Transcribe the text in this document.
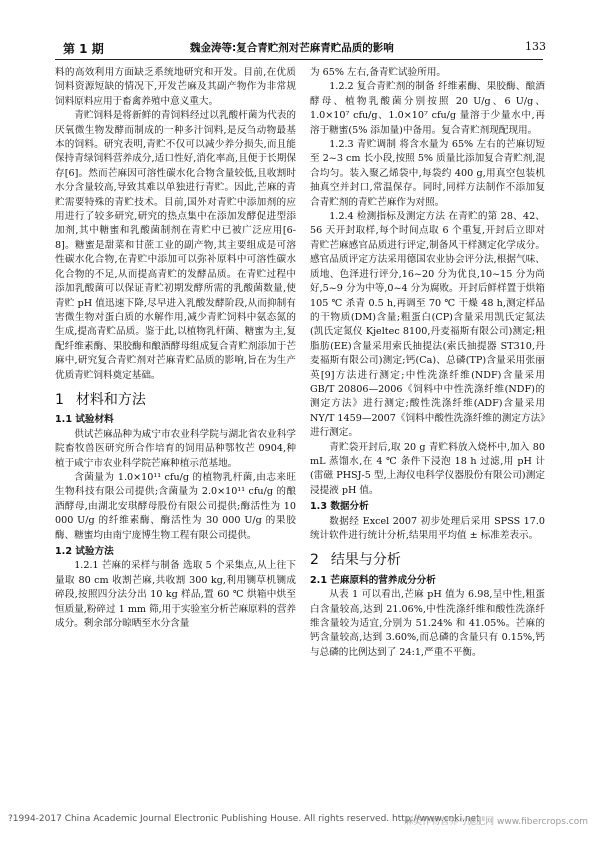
第 1 期	魏金涛等:复合青贮剂对芒麻青贮品质的影响	133

料的高效利用方面缺乏系统地研究和开发。目前,在优质饲料资源短缺的情况下,开发芒麻及其副产物作为非常规饲料原料应用于畜禽养殖中意义重大。

青贮饲料是将新鲜的青饲料经过以乳酸杆菌为代表的厌氧微生物发酵而制成的一种多汁饲料,是反刍动物最基本的饲料。研究表明,青贮不仅可以减少养分损失,而且能保持青绿饲料营养成分,适口性好,消化率高,且便于长期保存[6]。然而芒麻因可溶性碳水化合物含量较低,且收割时水分含量较高,导致其难以单独进行青贮。因此,芒麻的青贮需要特殊的青贮技术。目前,国外对青贮中添加剂的应用进行了较多研究,研究的热点集中在添加发酵促进型添加剂,其中糖蜜和乳酸菌制剂在青贮中已被广泛应用[6-8]。糖蜜是甜菜和甘蔗工业的副产物,其主要组成是可溶性碳水化合物,在青贮中添加可以弥补原料中可溶性碳水化合物的不足,从而提高青贮的发酵品质。在青贮过程中添加乳酸菌可以保证青贮初期发酵所需的乳酸菌数量,使青贮 pH 值迅速下降,尽早进入乳酸发酵阶段,从而抑制有害微生物对蛋白质的水解作用,减少青贮饲料中氨态氮的生成,提高青贮品质。鉴于此,以植物乳杆菌、糖蜜为主,复配纤维素酶、果胶酶和酿酒酵母组成复合青贮剂添加于芒麻中,研究复合青贮剂对芒麻青贮品质的影响,旨在为生产优质青贮饲料奠定基础。

1 材料和方法
1.1 试验材料

供试芒麻品种为咸宁市农业科学院与湖北省农业科学院畜牧兽医研究所合作培育的饲用品种鄂牧芒 0904,种植于咸宁市农业科学院芒麻种植示范基地。

含菌量为 1.0×10¹¹ cfu/g 的植物乳杆菌,由志来旺生物科技有限公司提供;含菌量为 2.0×10¹¹ cfu/g 的酿酒酵母,由湖北安琪酵母股份有限公司提供;酶活性为 10 000 U/g 的纤维素酶、酶活性为 30 000 U/g 的果胶酶、糖蜜均由南宁庞博生物工程有限公司提供。

1.2 试验方法

1.2.1 芒麻的采样与制备 选取 5 个采集点,从上往下量取 80 cm 收割芒麻,共收割 300 kg,利用铡草机铡成碎段,按照四分法分出 10 kg 样品,置 60 ℃ 烘箱中烘至恒质量,粉碎过 1 mm 筛,用于实验室分析芒麻原料的营养成分。剩余部分晾晒至水分含量

为 65% 左右,备青贮试验所用。

1.2.2 复合青贮剂的制备 纤维素酶、果胶酶、酿酒酵母、植物乳酸菌分别按照 20 U/g、6 U/g、1.0×10⁷ cfu/g、1.0×10⁷ cfu/g 量溶于少量水中,再溶于糖蜜(5% 添加量)中备用。复合青贮剂现配现用。

1.2.3 青贮调制 将含水量为 65% 左右的芒麻切短至 2~3 cm 长小段,按照 5% 质量比添加复合青贮剂,混合均匀。装入聚乙烯袋中,每袋约 400 g,用真空包装机抽真空并封口,常温保存。同时,同样方法制作不添加复合青贮剂的青贮芒麻作为对照。

1.2.4 检测指标及测定方法 在青贮的第 28、42、56 天开封取样,每个时间点取 6 个重复,开封后立即对青贮芒麻感官品质进行评定,制备风干样测定化学成分。感官品质评定方法采用德国农业协会评分法,根据气味、质地、色泽进行评分,16~20 分为优良,10~15 分为尚好,5~9 分为中等,0~4 分为腐败。开封后鲜样置于烘箱 105 ℃ 杀青 0.5 h,再调至 70 ℃ 干燥 48 h,测定样品的干物质(DM)含量;粗蛋白(CP)含量采用凯氏定氮法(凯氏定氮仪 Kjeltec 8100,丹麦福斯有限公司)测定;粗脂肪(EE)含量采用索氏抽提法(索氏抽提器 ST310,丹麦福斯有限公司)测定;钙(Ca)、总磷(TP)含量采用张丽英[9]方法进行测定;中性洗涤纤维(NDF)含量采用 GB/T 20806—2006《饲料中中性洗涤纤维(NDF)的测定方法》进行测定;酸性洗涤纤维(ADF)含量采用 NY/T 1459—2007《饲料中酸性洗涤纤维的测定方法》进行测定。

青贮袋开封后,取 20 g 青贮料放入烧杯中,加入 80 mL 蒸馏水,在 4 ℃ 条件下浸泡 18 h 过滤,用 pH 计(雷磁 PHSJ-5 型,上海仪电科学仪器股份有限公司)测定浸提液 pH 值。

1.3 数据分析

数据经 Excel 2007 初步处理后采用 SPSS 17.0 统计软件进行统计分析,结果用平均值 ± 标准差表示。

2 结果与分析
2.1 芒麻原料的营养成分分析

从表 1 可以看出,芒麻 pH 值为 6.98,呈中性,粗蛋白含量较高,达到 21.06%,中性洗涤纤维和酸性洗涤纤维含量较为适宜,分别为 51.24% 和 41.05%。芒麻的钙含量较高,达到 3.60%,而总磷的含量只有 0.15%,钙与总磷的比例达到了 24:1,严重不平衡。

?1994-2017 China Academic Journal Electronic Publishing House. All rights reserved. http://www.cnki.net
麻类作物营养与施肥网 www.fibercrops.com
